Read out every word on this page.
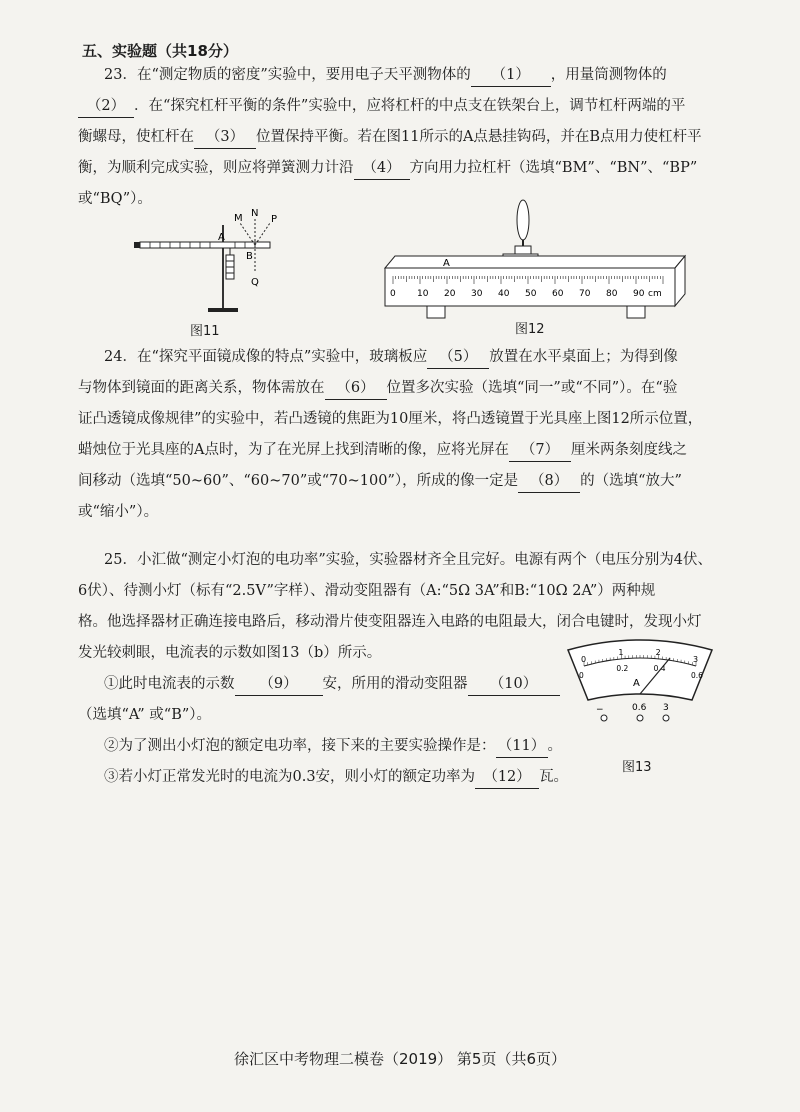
五、实验题（共18分）
23．在“测定物质的密度”实验中，要用电子天平测物体的 （1） ，用量筒测物体的
（2） ．在“探究杠杆平衡的条件”实验中，应将杠杆的中点支在铁架台上，调节杠杆两端的平
衡螺母，使杠杆在 （3） 位置保持平衡。若在图11所示的A点悬挂钩码，并在B点用力使杠杆平
衡，为顺利完成实验，则应将弹簧测力计沿 （4） 方向用力拉杠杆（选填“BM”、“BN”、“BP”
或“BQ”）。
A
M N
P
B
Q
图11
0 10 20 30 40 50 60 70 80 90 cm
A
图12
24．在“探究平面镜成像的特点”实验中，玻璃板应 （5） 放置在水平桌面上；为得到像
与物体到镜面的距离关系，物体需放在 （6） 位置多次实验（选填“同一”或“不同”）。在“验
证凸透镜成像规律”的实验中，若凸透镜的焦距为10厘米，将凸透镜置于光具座上图12所示位置，
蜡烛位于光具座的A点时，为了在光屏上找到清晰的像，应将光屏在 （7） 厘米两条刻度线之
间移动（选填“50~60”、“60~70”或“70~100”），所成的像一定是 （8） 的（选填“放大”
或“缩小”）。
25．小汇做“测定小灯泡的电功率”实验，实验器材齐全且完好。电源有两个（电压分别为4伏、
6伏）、待测小灯（标有“2.5V”字样）、滑动变阻器有（A:“5Ω 3A”和B:“10Ω 2A”）两种规
格。他选择器材正确连接电路后，移动滑片使变阻器连入电路的电阻最大，闭合电键时，发现小灯
发光较刺眼，电流表的示数如图13（b）所示。
①此时电流表的示数 （9） 安，所用的滑动变阻器 （10）
（选填“A” 或“B”）。
②为了测出小灯泡的额定电功率，接下来的主要实验操作是： （11） 。
③若小灯正常发光时的电流为0.3安，则小灯的额定功率为 （12） 瓦。
0
0
1
0.2
2
0.4
3
0.6
A
−	0.6 3
图13
徐汇区中考物理二模卷（2019） 第5页（共6页）
